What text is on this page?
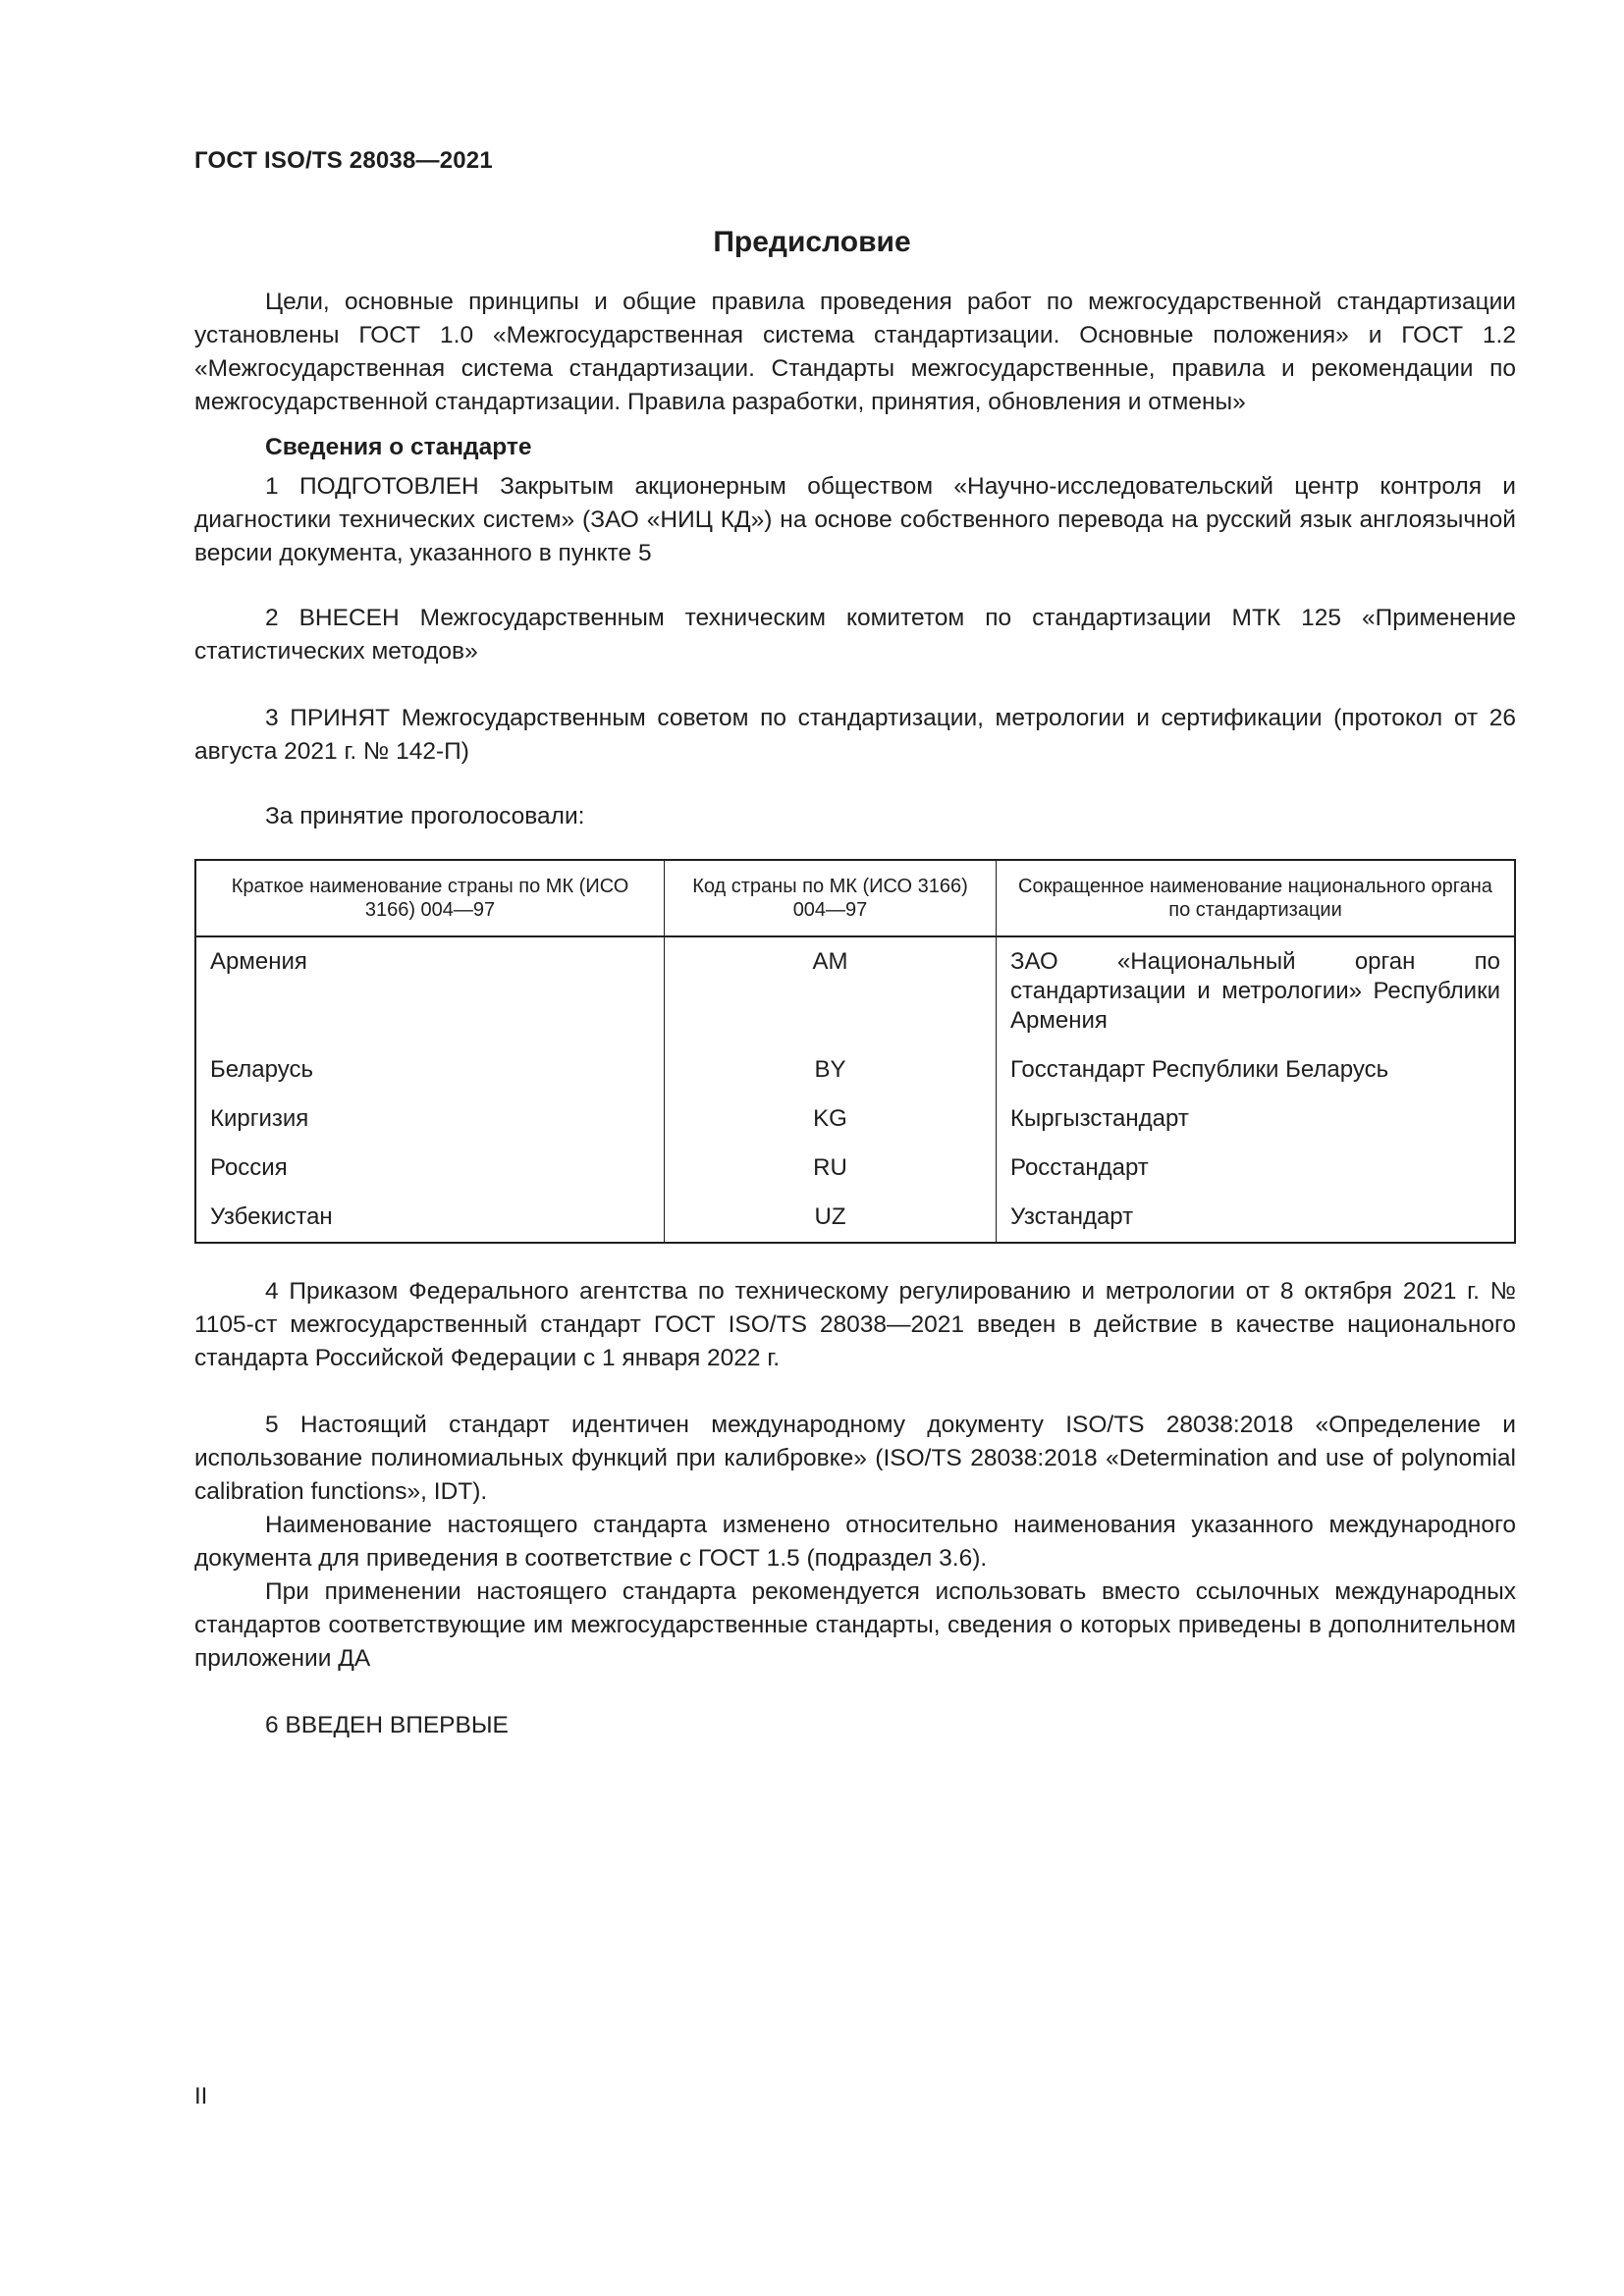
ГОСТ ISO/TS 28038—2021
Предисловие

Цели, основные принципы и общие правила проведения работ по межгосударственной стандартизации установлены ГОСТ 1.0 «Межгосударственная система стандартизации. Основные положения» и ГОСТ 1.2 «Межгосударственная система стандартизации. Стандарты межгосударственные, правила и рекомендации по межгосударственной стандартизации. Правила разработки, принятия, обновления и отмены»

Сведения о стандарте

1 ПОДГОТОВЛЕН Закрытым акционерным обществом «Научно-исследовательский центр контроля и диагностики технических систем» (ЗАО «НИЦ КД») на основе собственного перевода на русский язык англоязычной версии документа, указанного в пункте 5

2 ВНЕСЕН Межгосударственным техническим комитетом по стандартизации МТК 125 «Применение статистических методов»

3 ПРИНЯТ Межгосударственным советом по стандартизации, метрологии и сертификации (протокол от 26 августа 2021 г. № 142-П)

За принятие проголосовали:

Краткое наименование страны по МК (ИСО 3166) 004—97	Код страны по МК (ИСО 3166) 004—97	Сокращенное наименование национального органа по стандартизации
Армения	AM	ЗАО «Национальный орган по стандартизации и метрологии» Республики Армения
Беларусь	BY	Госстандарт Республики Беларусь
Киргизия	KG	Кыргызстандарт
Россия	RU	Росстандарт
Узбекистан	UZ	Узстандарт

4 Приказом Федерального агентства по техническому регулированию и метрологии от 8 октября 2021 г. № 1105-ст межгосударственный стандарт ГОСТ ISO/TS 28038—2021 введен в действие в качестве национального стандарта Российской Федерации с 1 января 2022 г.

5 Настоящий стандарт идентичен международному документу ISO/TS 28038:2018 «Определение и использование полиномиальных функций при калибровке» (ISO/TS 28038:2018 «Determination and use of polynomial calibration functions», IDT).

Наименование настоящего стандарта изменено относительно наименования указанного международного документа для приведения в соответствие с ГОСТ 1.5 (подраздел 3.6).

При применении настоящего стандарта рекомендуется использовать вместо ссылочных международных стандартов соответствующие им межгосударственные стандарты, сведения о которых приведены в дополнительном приложении ДА

6 ВВЕДЕН ВПЕРВЫЕ

II
